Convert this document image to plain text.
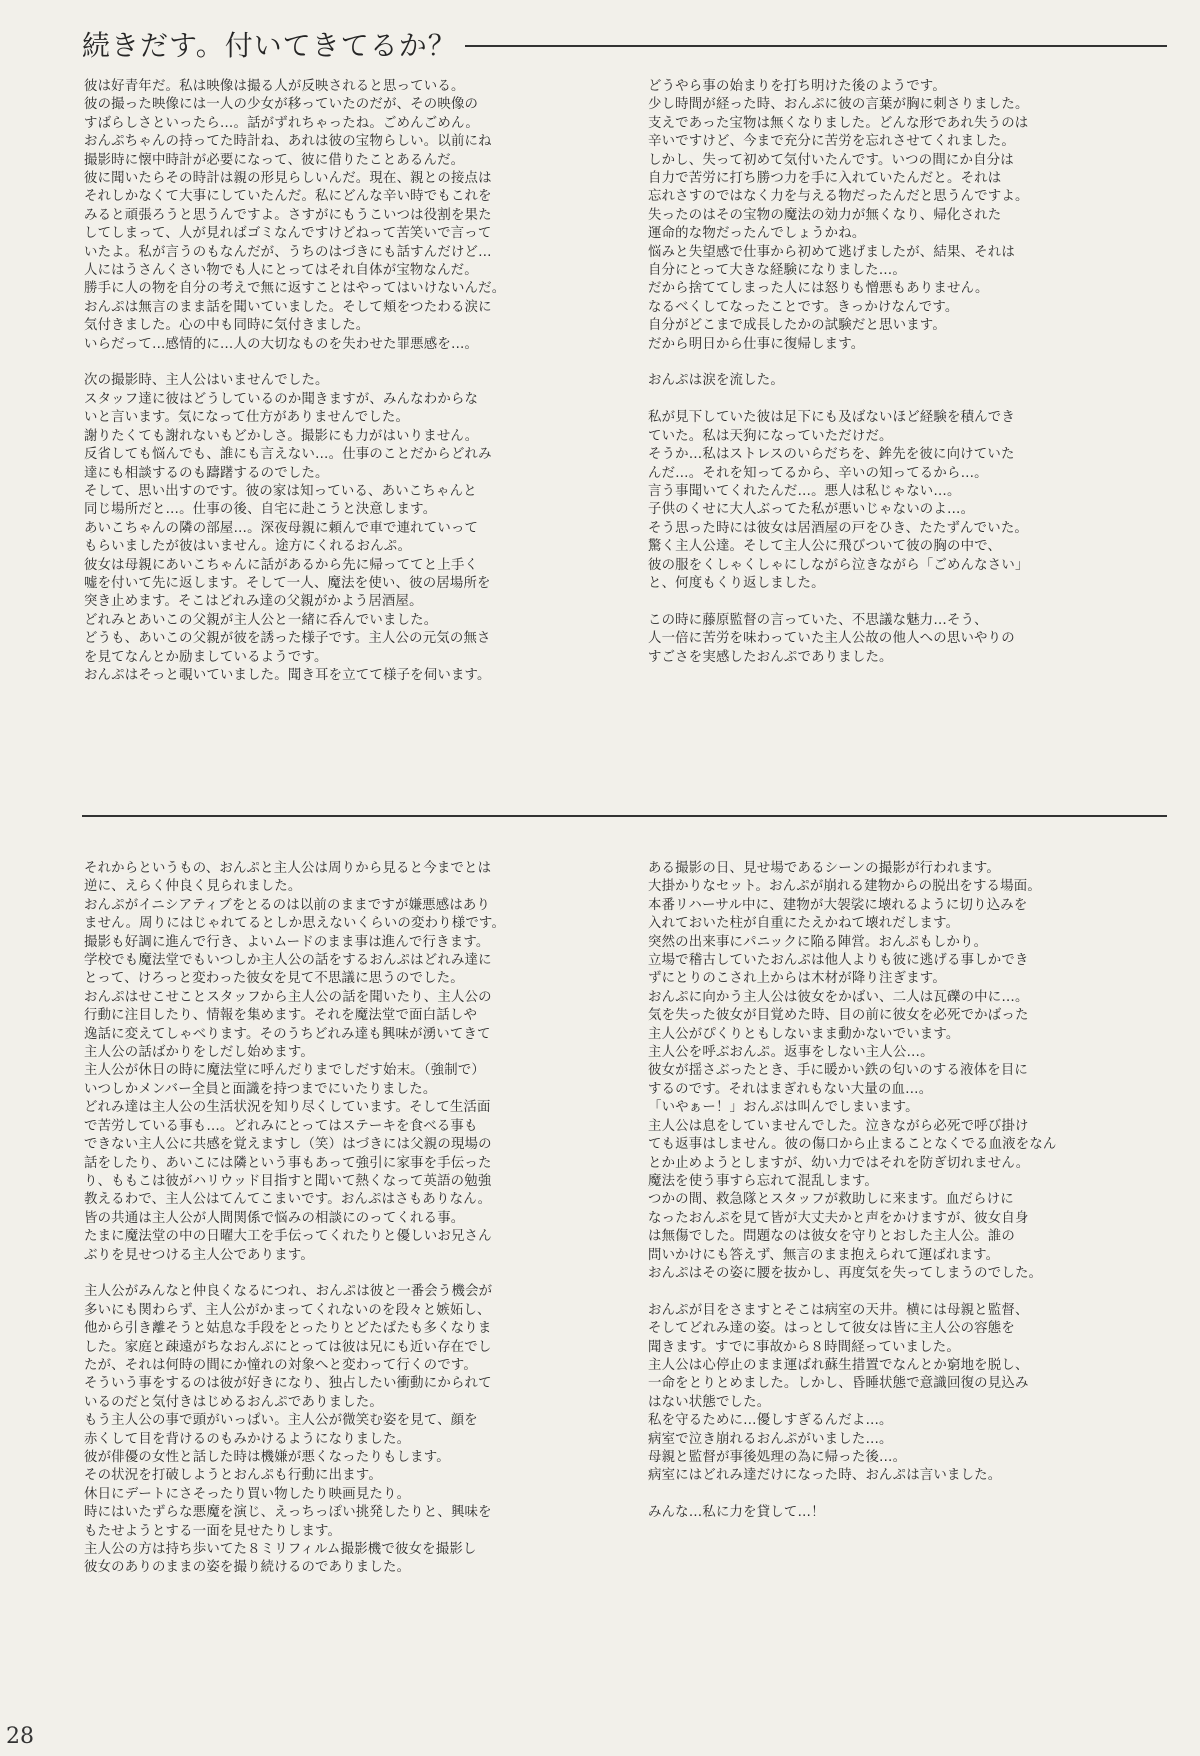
続きだす。付いてきてるか？

彼は好青年だ。私は映像は撮る人が反映されると思っている。

彼の撮った映像には一人の少女が移っていたのだが、その映像の

すばらしさといったら…。話がずれちゃったね。ごめんごめん。

おんぷちゃんの持ってた時計ね、あれは彼の宝物らしい。以前にね

撮影時に懐中時計が必要になって、彼に借りたことあるんだ。

彼に聞いたらその時計は親の形見らしいんだ。現在、親との接点は

それしかなくて大事にしていたんだ。私にどんな辛い時でもこれを

みると頑張ろうと思うんですよ。さすがにもうこいつは役割を果た

してしまって、人が見ればゴミなんですけどねって苦笑いで言って

いたよ。私が言うのもなんだが、うちのはづきにも話すんだけど…

人にはうさんくさい物でも人にとってはそれ自体が宝物なんだ。

勝手に人の物を自分の考えで無に返すことはやってはいけないんだ。

おんぷは無言のまま話を聞いていました。そして頬をつたわる涙に

気付きました。心の中も同時に気付きました。

いらだって…感情的に…人の大切なものを失わせた罪悪感を…。

次の撮影時、主人公はいませんでした。

スタッフ達に彼はどうしているのか聞きますが、みんなわからな

いと言います。気になって仕方がありませんでした。

謝りたくても謝れないもどかしさ。撮影にも力がはいりません。

反省しても悩んでも、誰にも言えない…。仕事のことだからどれみ

達にも相談するのも躊躇するのでした。

そして、思い出すのです。彼の家は知っている、あいこちゃんと

同じ場所だと…。仕事の後、自宅に赴こうと決意します。

あいこちゃんの隣の部屋…。深夜母親に頼んで車で連れていって

もらいましたが彼はいません。途方にくれるおんぷ。

彼女は母親にあいこちゃんに話があるから先に帰っててと上手く

嘘を付いて先に返します。そして一人、魔法を使い、彼の居場所を

突き止めます。そこはどれみ達の父親がかよう居酒屋。

どれみとあいこの父親が主人公と一緒に呑んでいました。

どうも、あいこの父親が彼を誘った様子です。主人公の元気の無さ

を見てなんとか励ましているようです。

おんぷはそっと覗いていました。聞き耳を立てて様子を伺います。

どうやら事の始まりを打ち明けた後のようです。

少し時間が経った時、おんぷに彼の言葉が胸に刺さりました。

支えであった宝物は無くなりました。どんな形であれ失うのは

辛いですけど、今まで充分に苦労を忘れさせてくれました。

しかし、失って初めて気付いたんです。いつの間にか自分は

自力で苦労に打ち勝つ力を手に入れていたんだと。それは

忘れさすのではなく力を与える物だったんだと思うんですよ。

失ったのはその宝物の魔法の効力が無くなり、帰化された

運命的な物だったんでしょうかね。

悩みと失望感で仕事から初めて逃げましたが、結果、それは

自分にとって大きな経験になりました…。

だから捨ててしまった人には怒りも憎悪もありません。

なるべくしてなったことです。きっかけなんです。

自分がどこまで成長したかの試験だと思います。

だから明日から仕事に復帰します。

おんぷは涙を流した。

私が見下していた彼は足下にも及ばないほど経験を積んでき

ていた。私は天狗になっていただけだ。

そうか…私はストレスのいらだちを、鉾先を彼に向けていた

んだ…。それを知ってるから、辛いの知ってるから…。

言う事聞いてくれたんだ…。悪人は私じゃない…。

子供のくせに大人ぶってた私が悪いじゃないのよ…。

そう思った時には彼女は居酒屋の戸をひき、たたずんでいた。

驚く主人公達。そして主人公に飛びついて彼の胸の中で、

彼の服をくしゃくしゃにしながら泣きながら「ごめんなさい」

と、何度もくり返しました。

この時に藤原監督の言っていた、不思議な魅力…そう、

人一倍に苦労を味わっていた主人公故の他人への思いやりの

すごさを実感したおんぷでありました。

それからというもの、おんぷと主人公は周りから見ると今までとは

逆に、えらく仲良く見られました。

おんぷがイニシアティブをとるのは以前のままですが嫌悪感はあり

ません。周りにはじゃれてるとしか思えないくらいの変わり様です。

撮影も好調に進んで行き、よいムードのまま事は進んで行きます。

学校でも魔法堂でもいつしか主人公の話をするおんぷはどれみ達に

とって、けろっと変わった彼女を見て不思議に思うのでした。

おんぷはせこせことスタッフから主人公の話を聞いたり、主人公の

行動に注目したり、情報を集めます。それを魔法堂で面白話しや

逸話に変えてしゃべります。そのうちどれみ達も興味が湧いてきて

主人公の話ばかりをしだし始めます。

主人公が休日の時に魔法堂に呼んだりまでしだす始末。（強制で）

いつしかメンバー全員と面識を持つまでにいたりました。

どれみ達は主人公の生活状況を知り尽くしています。そして生活面

で苦労している事も…。どれみにとってはステーキを食べる事も

できない主人公に共感を覚えますし（笑）はづきには父親の現場の

話をしたり、あいこには隣という事もあって強引に家事を手伝った

り、ももこは彼がハリウッド目指すと聞いて熱くなって英語の勉強

教えるわで、主人公はてんてこまいです。おんぷはさもありなん。

皆の共通は主人公が人間関係で悩みの相談にのってくれる事。

たまに魔法堂の中の日曜大工を手伝ってくれたりと優しいお兄さん

ぶりを見せつける主人公であります。

主人公がみんなと仲良くなるにつれ、おんぷは彼と一番会う機会が

多いにも関わらず、主人公がかまってくれないのを段々と嫉妬し、

他から引き離そうと姑息な手段をとったりとどたばたも多くなりま

した。家庭と疎遠がちなおんぷにとっては彼は兄にも近い存在でし

たが、それは何時の間にか憧れの対象へと変わって行くのです。

そういう事をするのは彼が好きになり、独占したい衝動にかられて

いるのだと気付きはじめるおんぷでありました。

もう主人公の事で頭がいっぱい。主人公が微笑む姿を見て、顔を

赤くして目を背けるのもみかけるようになりました。

彼が俳優の女性と話した時は機嫌が悪くなったりもします。

その状況を打破しようとおんぷも行動に出ます。

休日にデートにさそったり買い物したり映画見たり。

時にはいたずらな悪魔を演じ、えっちっぽい挑発したりと、興味を

もたせようとする一面を見せたりします。

主人公の方は持ち歩いてた８ミリフィルム撮影機で彼女を撮影し

彼女のありのままの姿を撮り続けるのでありました。

ある撮影の日、見せ場であるシーンの撮影が行われます。

大掛かりなセット。おんぷが崩れる建物からの脱出をする場面。

本番リハーサル中に、建物が大袈裟に壊れるように切り込みを

入れておいた柱が自重にたえかねて壊れだします。

突然の出来事にパニックに陥る陣営。おんぷもしかり。

立場で稽古していたおんぷは他人よりも彼に逃げる事しかでき

ずにとりのこされ上からは木材が降り注ぎます。

おんぷに向かう主人公は彼女をかばい、二人は瓦礫の中に…。

気を失った彼女が目覚めた時、目の前に彼女を必死でかばった

主人公がぴくりともしないまま動かないでいます。

主人公を呼ぶおんぷ。返事をしない主人公…。

彼女が揺さぶったとき、手に暖かい鉄の匂いのする液体を目に

するのです。それはまぎれもない大量の血…。

「いやぁー！」おんぷは叫んでしまいます。

主人公は息をしていませんでした。泣きながら必死で呼び掛け

ても返事はしません。彼の傷口から止まることなくでる血液をなん

とか止めようとしますが、幼い力ではそれを防ぎ切れません。

魔法を使う事すら忘れて混乱します。

つかの間、救急隊とスタッフが救助しに来ます。血だらけに

なったおんぷを見て皆が大丈夫かと声をかけますが、彼女自身

は無傷でした。問題なのは彼女を守りとおした主人公。誰の

問いかけにも答えず、無言のまま抱えられて運ばれます。

おんぷはその姿に腰を抜かし、再度気を失ってしまうのでした。

おんぷが目をさますとそこは病室の天井。横には母親と監督、

そしてどれみ達の姿。はっとして彼女は皆に主人公の容態を

聞きます。すでに事故から８時間経っていました。

主人公は心停止のまま運ばれ蘇生措置でなんとか窮地を脱し、

一命をとりとめました。しかし、昏睡状態で意識回復の見込み

はない状態でした。

私を守るために…優しすぎるんだよ…。

病室で泣き崩れるおんぷがいました…。

母親と監督が事後処理の為に帰った後…。

病室にはどれみ達だけになった時、おんぷは言いました。

みんな…私に力を貸して…！

28
